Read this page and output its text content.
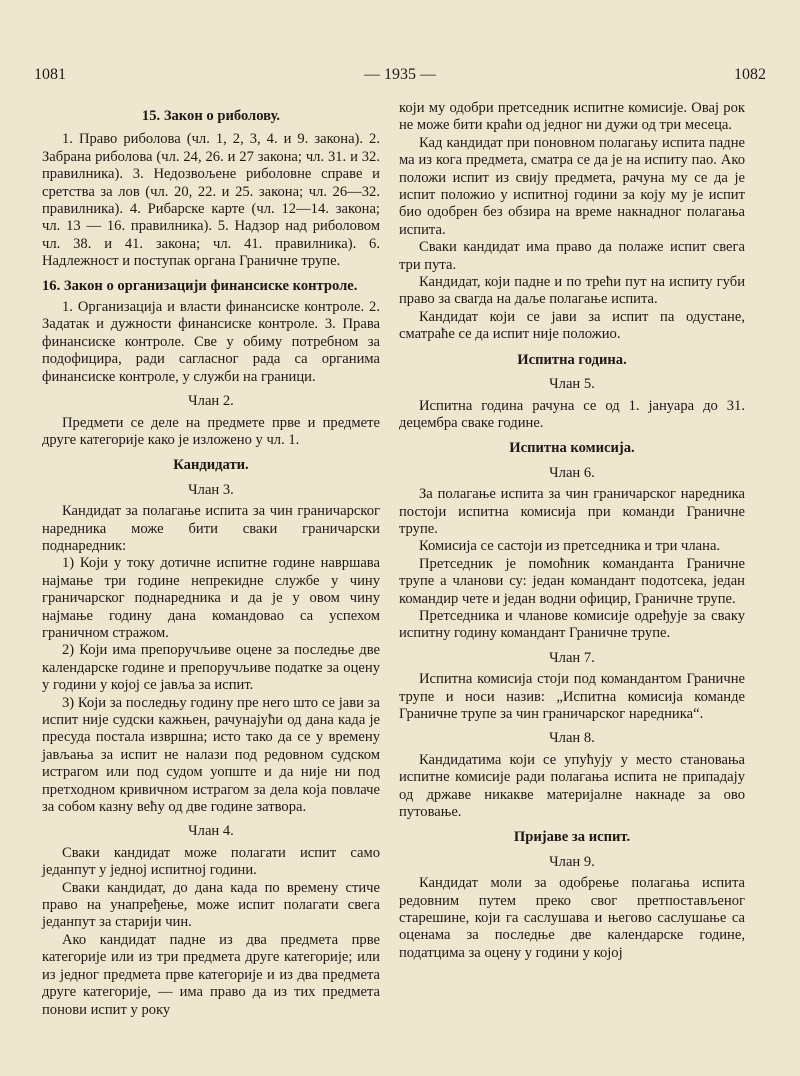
1081	— 1935 —	1082

15. Закон о риболову.

1. Право риболова (чл. 1, 2, 3, 4. и 9. закона). 2. Забрана риболова (чл. 24, 26. и 27 закона; чл. 31. и 32. правилника). 3. Недозвољене риболовне справе и сретства за лов (чл. 20, 22. и 25. закона; чл. 26—32. правилника). 4. Рибарске карте (чл. 12—14. закона; чл. 13 — 16. правилника). 5. Надзор над риболовом чл. 38. и 41. закона; чл. 41. правилника). 6. Надлежност и поступак органа Граничне трупе.

16. Закон о организацији финансиске контроле.

1. Организација и власти финансиске контроле. 2. Задатак и дужности финансиске контроле. 3. Права финансиске контроле. Све у обиму потребном за подофицира, ради сагласног рада са органима финансиске контроле, у служби на граници.

Члан 2.

Предмети се деле на предмете прве и предмете друге категорије како је изложено у чл. 1.

Кандидати.

Члан 3.

Кандидат за полагање испита за чин граничарског наредника може бити сваки граничарски поднаредник:

1) Који у току дотичне испитне године навршава најмање три године непрекидне службе у чину граничарског поднаредника и да је у овом чину најмање годину дана командовао са успехом граничном стражом.

2) Који има препоручљиве оцене за последње две календарске године и препоручљиве податке за оцену у години у којој се јавља за испит.

3) Који за последњу годину пре него што се јави за испит није судски кажњен, рачунајући од дана када је пресуда постала извршна; исто тако да се у времену јављања за испит не налази под редовном судском истрагом или под судом уопште и да није ни под претходном кривичном истрагом за дела која повлаче за собом казну већу од две године затвора.

Члан 4.

Сваки кандидат може полагати испит само једанпут у једној испитној години.

Сваки кандидат, до дана када по времену стиче право на унапређење, може испит полагати свега једанпут за старији чин.

Ако кандидат падне из два предмета прве категорије или из три предмета друге категорије; или из једног предмета прве категорије и из два предмета друге категорије, — има право да из тих предмета понови испит у року

који му одобри претседник испитне комисије. Овај рок не може бити краћи од једног ни дужи од три месеца.

Кад кандидат при поновном полагању испита падне ма из кога предмета, сматра се да је на испиту пао. Ако положи испит из свију предмета, рачуна му се да је испит положио у испитној години за коју му је испит био одобрен без обзира на време накнадног полагања испита.

Сваки кандидат има право да полаже испит свега три пута.

Кандидат, који падне и по трећи пут на испиту губи право за свагда на даље полагање испита.

Кандидат који се јави за испит па одустане, сматраће се да испит није положио.

Испитна година.

Члан 5.

Испитна година рачуна се од 1. јануара до 31. децембра сваке године.

Испитна комисија.

Члан 6.

За полагање испита за чин граничарског наредника постоји испитна комисија при команди Граничне трупе.

Комисија се састоји из претседника и три члана.

Претседник је помоћник команданта Граничне трупе а чланови су: један командант подотсека, један командир чете и један водни официр, Граничне трупе.

Претседника и чланове комисије одређује за сваку испитну годину командант Граничне трупе.

Члан 7.

Испитна комисија стоји под командантом Граничне трупе и носи назив: „Испитна комисија команде Граничне трупе за чин граничарског наредника“.

Члан 8.

Кандидатима који се упућују у место становања испитне комисије ради полагања испита не припадају од државе никакве материјалне накнаде за ово путовање.

Пријаве за испит.

Члан 9.

Кандидат моли за одобрење полагања испита редовним путем преко свог претпостављеног старешине, који га саслушава и његово саслушање са оценама за последње две календарске године, податцима за оцену у години у којој
